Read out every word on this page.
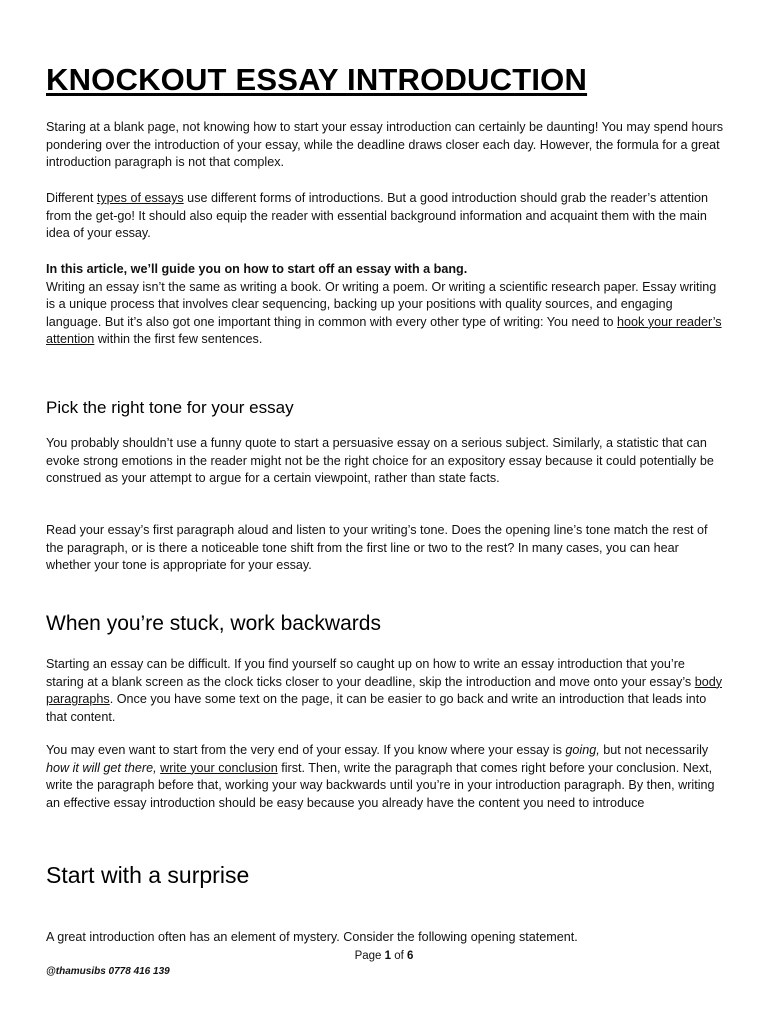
KNOCKOUT ESSAY INTRODUCTION

Staring at a blank page, not knowing how to start your essay introduction can certainly be daunting! You may spend hours pondering over the introduction of your essay, while the deadline draws closer each day. However, the formula for a great introduction paragraph is not that complex.

Different types of essays use different forms of introductions. But a good introduction should grab the reader’s attention from the get-go! It should also equip the reader with essential background information and acquaint them with the main idea of your essay.

In this article, we’ll guide you on how to start off an essay with a bang.

Writing an essay isn’t the same as writing a book. Or writing a poem. Or writing a scientific research paper. Essay writing is a unique process that involves clear sequencing, backing up your positions with quality sources, and engaging language. But it’s also got one important thing in common with every other type of writing: You need to hook your reader’s attention within the first few sentences.

Pick the right tone for your essay

You probably shouldn’t use a funny quote to start a persuasive essay on a serious subject. Similarly, a statistic that can evoke strong emotions in the reader might not be the right choice for an expository essay because it could potentially be construed as your attempt to argue for a certain viewpoint, rather than state facts.

Read your essay’s first paragraph aloud and listen to your writing’s tone. Does the opening line’s tone match the rest of the paragraph, or is there a noticeable tone shift from the first line or two to the rest? In many cases, you can hear whether your tone is appropriate for your essay.

When you’re stuck, work backwards

Starting an essay can be difficult. If you find yourself so caught up on how to write an essay introduction that you’re staring at a blank screen as the clock ticks closer to your deadline, skip the introduction and move onto your essay’s body paragraphs. Once you have some text on the page, it can be easier to go back and write an introduction that leads into that content.

You may even want to start from the very end of your essay. If you know where your essay is going, but not necessarily how it will get there, write your conclusion first. Then, write the paragraph that comes right before your conclusion. Next, write the paragraph before that, working your way backwards until you’re in your introduction paragraph. By then, writing an effective essay introduction should be easy because you already have the content you need to introduce

Start with a surprise

A great introduction often has an element of mystery. Consider the following opening statement.

Page 1 of 6
@thamusibs 0778 416 139
